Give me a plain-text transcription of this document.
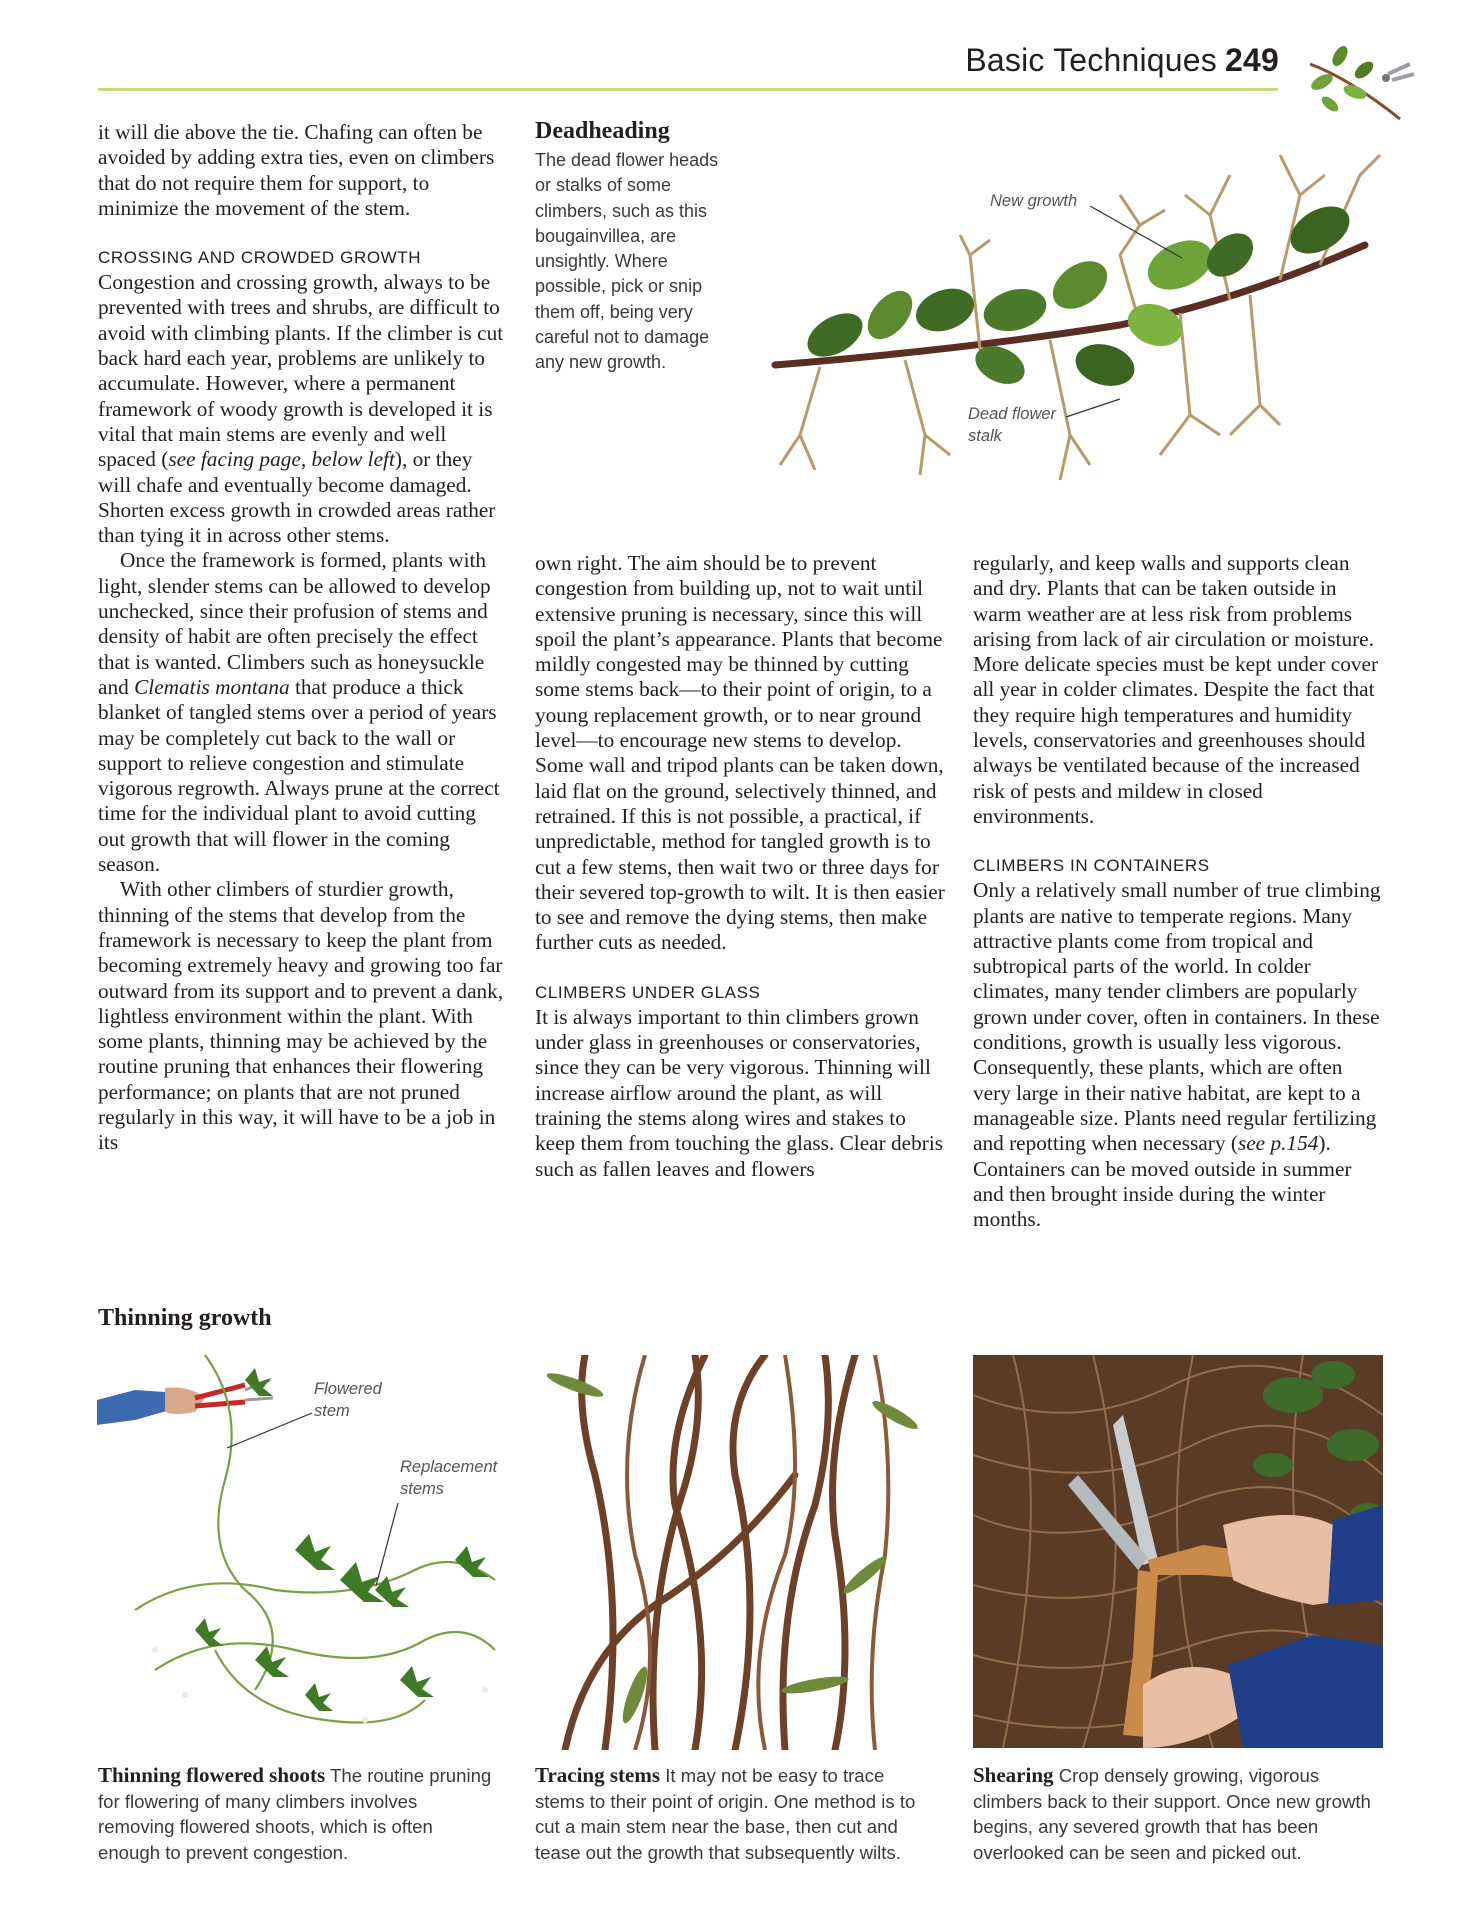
Basic Techniques 249

it will die above the tie. Chafing can often be avoided by adding extra ties, even on climbers that do not require them for support, to minimize the movement of the stem.

CROSSING AND CROWDED GROWTH

Congestion and crossing growth, always to be prevented with trees and shrubs, are difficult to avoid with climbing plants. If the climber is cut back hard each year, problems are unlikely to accumulate. However, where a permanent framework of woody growth is developed it is vital that main stems are evenly and well spaced (see facing page, below left), or they will chafe and eventually become damaged. Shorten excess growth in crowded areas rather than tying it in across other stems.

Once the framework is formed, plants with light, slender stems can be allowed to develop unchecked, since their profusion of stems and density of habit are often precisely the effect that is wanted. Climbers such as honeysuckle and Clematis montana that produce a thick blanket of tangled stems over a period of years may be completely cut back to the wall or support to relieve congestion and stimulate vigorous regrowth. Always prune at the correct time for the individual plant to avoid cutting out growth that will flower in the coming season.

With other climbers of sturdier growth, thinning of the stems that develop from the framework is necessary to keep the plant from becoming extremely heavy and growing too far outward from its support and to prevent a dank, lightless environment within the plant. With some plants, thinning may be achieved by the routine pruning that enhances their flowering performance; on plants that are not pruned regularly in this way, it will have to be a job in its

Deadheading
The dead flower heads or stalks of some climbers, such as this bougainvillea, are unsightly. Where possible, pick or snip them off, being very careful not to damage any new growth.
New growth
Dead flower
stalk

own right. The aim should be to prevent congestion from building up, not to wait until extensive pruning is necessary, since this will spoil the plant’s appearance. Plants that become mildly congested may be thinned by cutting some stems back—to their point of origin, to a young replacement growth, or to near ground level—to encourage new stems to develop. Some wall and tripod plants can be taken down, laid flat on the ground, selectively thinned, and retrained. If this is not possible, a practical, if unpredictable, method for tangled growth is to cut a few stems, then wait two or three days for their severed top-growth to wilt. It is then easier to see and remove the dying stems, then make further cuts as needed.

CLIMBERS UNDER GLASS

It is always important to thin climbers grown under glass in greenhouses or conservatories, since they can be very vigorous. Thinning will increase airflow around the plant, as will training the stems along wires and stakes to keep them from touching the glass. Clear debris such as fallen leaves and flowers

regularly, and keep walls and supports clean and dry. Plants that can be taken outside in warm weather are at less risk from problems arising from lack of air circulation or moisture. More delicate species must be kept under cover all year in colder climates. Despite the fact that they require high temperatures and humidity levels, conservatories and greenhouses should always be ventilated because of the increased risk of pests and mildew in closed environments.

CLIMBERS IN CONTAINERS

Only a relatively small number of true climbing plants are native to temperate regions. Many attractive plants come from tropical and subtropical parts of the world. In colder climates, many tender climbers are popularly grown under cover, often in containers. In these conditions, growth is usually less vigorous. Consequently, these plants, which are often very large in their native habitat, are kept to a manageable size. Plants need regular fertilizing and repotting when necessary (see p.154). Containers can be moved outside in summer and then brought inside during the winter months.

Thinning growth
Flowered
stem
Replacement
stems
Thinning flowered shoots The routine pruning for flowering of many climbers involves removing flowered shoots, which is often enough to prevent congestion.
Tracing stems It may not be easy to trace stems to their point of origin. One method is to cut a main stem near the base, then cut and tease out the growth that subsequently wilts.
Shearing Crop densely growing, vigorous climbers back to their support. Once new growth begins, any severed growth that has been overlooked can be seen and picked out.
